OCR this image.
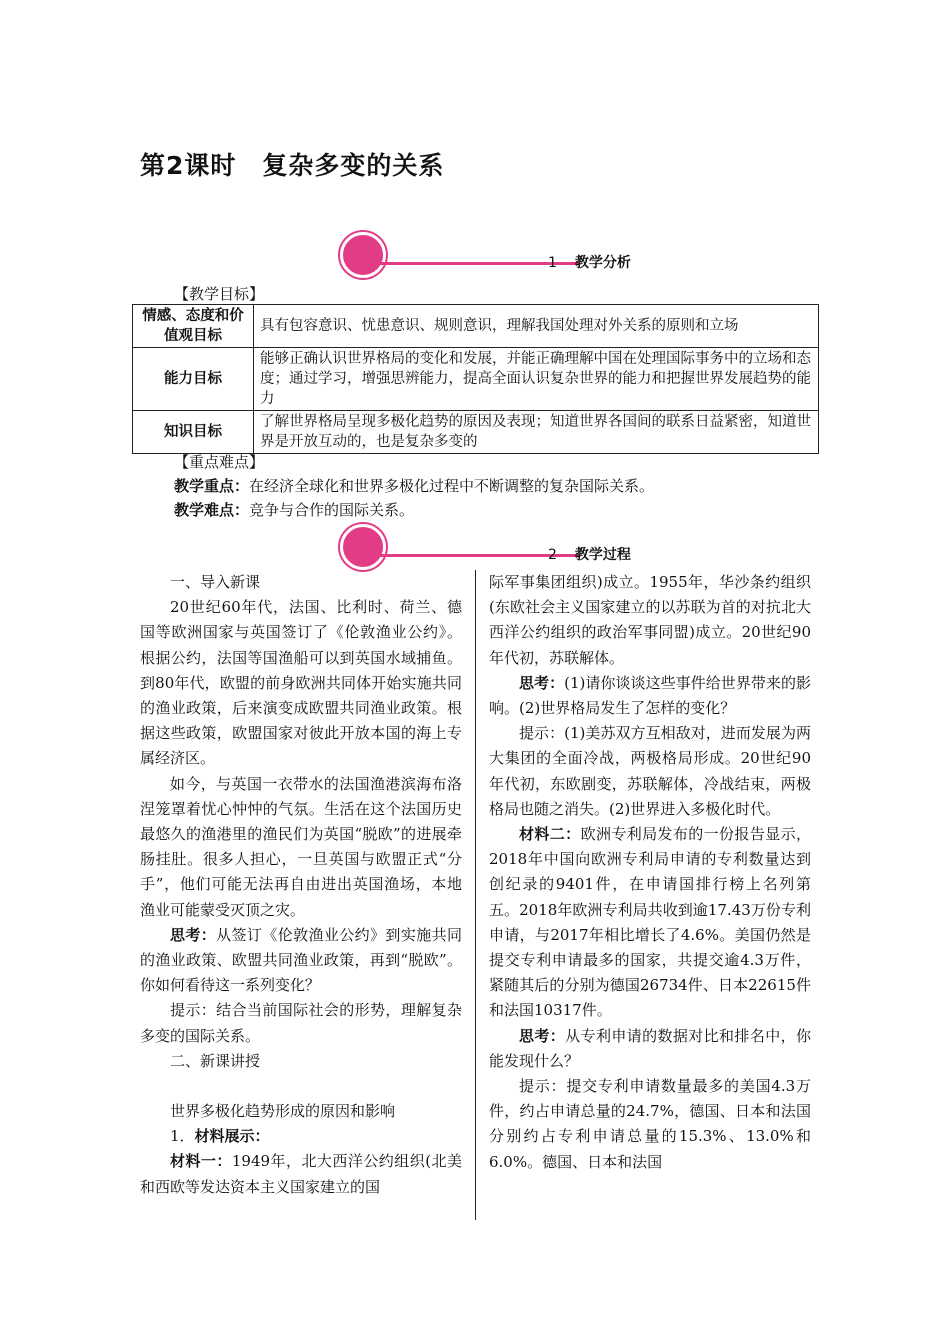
第2课时　复杂多变的关系
1 教学分析
【教学目标】
情感、态度和价值观目标	具有包容意识、忧患意识、规则意识，理解我国处理对外关系的原则和立场
能力目标	能够正确认识世界格局的变化和发展，并能正确理解中国在处理国际事务中的立场和态度；通过学习，增强思辨能力，提高全面认识复杂世界的能力和把握世界发展趋势的能力
知识目标	了解世界格局呈现多极化趋势的原因及表现；知道世界各国间的联系日益紧密，知道世界是开放互动的，也是复杂多变的
【重点难点】
教学重点：在经济全球化和世界多极化过程中不断调整的复杂国际关系。
教学难点：竞争与合作的国际关系。
2 教学过程

一、导入新课

20世纪60年代，法国、比利时、荷兰、德国等欧洲国家与英国签订了《伦敦渔业公约》。根据公约，法国等国渔船可以到英国水域捕鱼。到80年代，欧盟的前身欧洲共同体开始实施共同的渔业政策，后来演变成欧盟共同渔业政策。根据这些政策，欧盟国家对彼此开放本国的海上专属经济区。

如今，与英国一衣带水的法国渔港滨海布洛涅笼罩着忧心忡忡的气氛。生活在这个法国历史最悠久的渔港里的渔民们为英国“脱欧”的进展牵肠挂肚。很多人担心，一旦英国与欧盟正式“分手”，他们可能无法再自由进出英国渔场，本地渔业可能蒙受灭顶之灾。

思考：从签订《伦敦渔业公约》到实施共同的渔业政策、欧盟共同渔业政策，再到“脱欧”。你如何看待这一系列变化？

提示：结合当前国际社会的形势，理解复杂多变的国际关系。

二、新课讲授

世界多极化趋势形成的原因和影响

1．材料展示：

材料一：1949年，北大西洋公约组织(北美和西欧等发达资本主义国家建立的国

际军事集团组织)成立。1955年，华沙条约组织(东欧社会主义国家建立的以苏联为首的对抗北大西洋公约组织的政治军事同盟)成立。20世纪90年代初，苏联解体。

思考：(1)请你谈谈这些事件给世界带来的影响。(2)世界格局发生了怎样的变化？

提示：(1)美苏双方互相敌对，进而发展为两大集团的全面冷战，两极格局形成。20世纪90年代初，东欧剧变，苏联解体，冷战结束，两极格局也随之消失。(2)世界进入多极化时代。

材料二：欧洲专利局发布的一份报告显示，2018年中国向欧洲专利局申请的专利数量达到创纪录的9401件，在申请国排行榜上名列第五。2018年欧洲专利局共收到逾17.43万份专利申请，与2017年相比增长了4.6%。美国仍然是提交专利申请最多的国家，共提交逾4.3万件，紧随其后的分别为德国26734件、日本22615件和法国10317件。

思考：从专利申请的数据对比和排名中，你能发现什么？

提示：提交专利申请数量最多的美国4.3万件，约占申请总量的24.7%，德国、日本和法国分别约占专利申请总量的15.3%、13.0%和6.0%。德国、日本和法国
